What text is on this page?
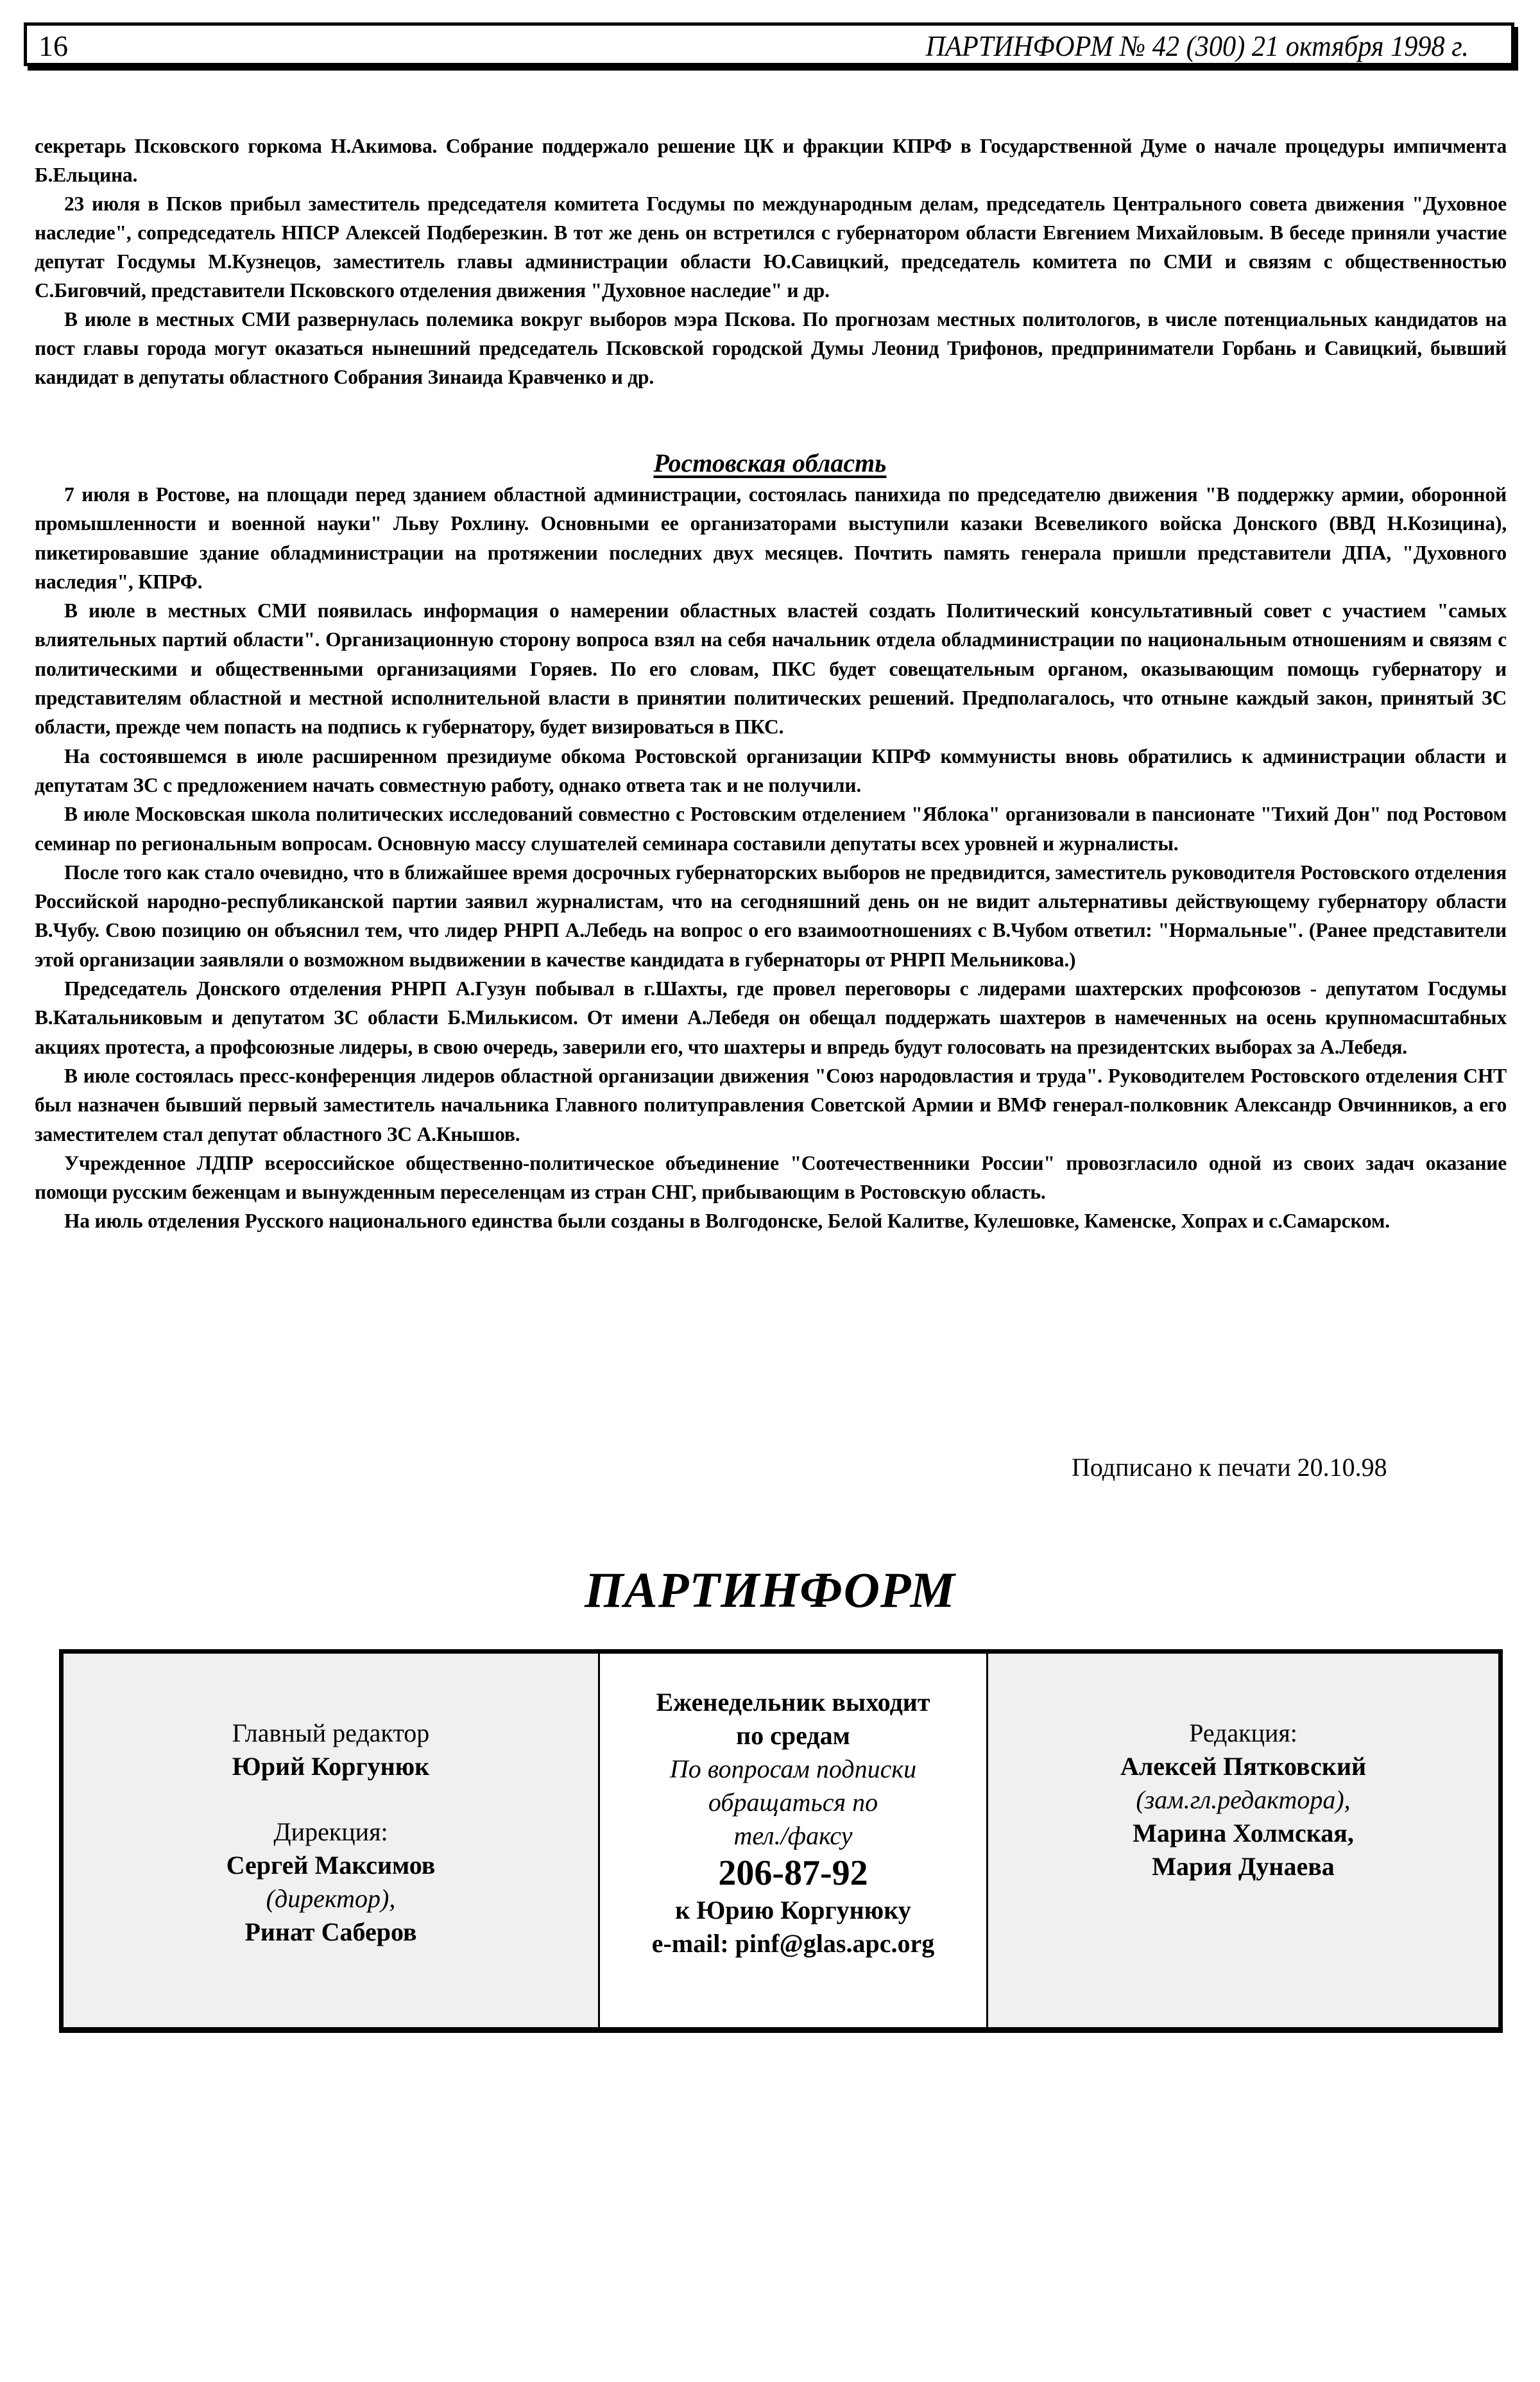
16	ПАРТИНФОРМ № 42 (300) 21 октября 1998 г.

секретарь Псковского горкома Н.Акимова. Собрание поддержало решение ЦК и фракции КПРФ в Государственной Думе о начале процедуры импичмента Б.Ельцина.

23 июля в Псков прибыл заместитель председателя комитета Госдумы по международным делам, председатель Центрального совета движения "Духовное наследие", сопредседатель НПСР Алексей Подберезкин. В тот же день он встретился с губернатором области Евгением Михайловым. В беседе приняли участие депутат Госдумы М.Кузнецов, заместитель главы администрации области Ю.Савицкий, председатель комитета по СМИ и связям с общественностью С.Биговчий, представители Псковского отделения движения "Духовное наследие" и др.

В июле в местных СМИ развернулась полемика вокруг выборов мэра Пскова. По прогнозам местных политологов, в числе потенциальных кандидатов на пост главы города могут оказаться нынешний председатель Псковской городской Думы Леонид Трифонов, предприниматели Горбань и Савицкий, бывший кандидат в депутаты областного Собрания Зинаида Кравченко и др.

Ростовская область

7 июля в Ростове, на площади перед зданием областной администрации, состоялась панихида по председателю движения "В поддержку армии, оборонной промышленности и военной науки" Льву Рохлину. Основными ее организаторами выступили казаки Всевеликого войска Донского (ВВД Н.Козицина), пикетировавшие здание обладминистрации на протяжении последних двух месяцев. Почтить память генерала пришли представители ДПА, "Духовного наследия", КПРФ.

В июле в местных СМИ появилась информация о намерении областных властей создать Политический консультативный совет с участием "самых влиятельных партий области". Организационную сторону вопроса взял на себя начальник отдела обладминистрации по национальным отношениям и связям с политическими и общественными организациями Горяев. По его словам, ПКС будет совещательным органом, оказывающим помощь губернатору и представителям областной и местной исполнительной власти в принятии политических решений. Предполагалось, что отныне каждый закон, принятый ЗС области, прежде чем попасть на подпись к губернатору, будет визироваться в ПКС.

На состоявшемся в июле расширенном президиуме обкома Ростовской организации КПРФ коммунисты вновь обратились к администрации области и депутатам ЗС с предложением начать совместную работу, однако ответа так и не получили.

В июле Московская школа политических исследований совместно с Ростовским отделением "Яблока" организовали в пансионате "Тихий Дон" под Ростовом семинар по региональным вопросам. Основную массу слушателей семинара составили депутаты всех уровней и журналисты.

После того как стало очевидно, что в ближайшее время досрочных губернаторских выборов не предвидится, заместитель руководителя Ростовского отделения Российской народно-республиканской партии заявил журналистам, что на сегодняшний день он не видит альтернативы действующему губернатору области В.Чубу. Свою позицию он объяснил тем, что лидер РНРП А.Лебедь на вопрос о его взаимоотношениях с В.Чубом ответил: "Нормальные". (Ранее представители этой организации заявляли о возможном выдвижении в качестве кандидата в губернаторы от РНРП Мельникова.)

Председатель Донского отделения РНРП А.Гузун побывал в г.Шахты, где провел переговоры с лидерами шахтерских профсоюзов - депутатом Госдумы В.Катальниковым и депутатом ЗС области Б.Милькисом. От имени А.Лебедя он обещал поддержать шахтеров в намеченных на осень крупномасштабных акциях протеста, а профсоюзные лидеры, в свою очередь, заверили его, что шахтеры и впредь будут голосовать на президентских выборах за А.Лебедя.

В июле состоялась пресс-конференция лидеров областной организации движения "Союз народовластия и труда". Руководителем Ростовского отделения СНТ был назначен бывший первый заместитель начальника Главного политуправления Советской Армии и ВМФ генерал-полковник Александр Овчинников, а его заместителем стал депутат областного ЗС А.Кнышов.

Учрежденное ЛДПР всероссийское общественно-политическое объединение "Соотечественники России" провозгласило одной из своих задач оказание помощи русским беженцам и вынужденным переселенцам из стран СНГ, прибывающим в Ростовскую область.

На июль отделения Русского национального единства были созданы в Волгодонске, Белой Калитве, Кулешовке, Каменске, Хопрах и с.Самарском.

Подписано к печати 20.10.98
ПАРТИНФОРМ
Главный редактор
Юрий Коргунюк
Дирекция:
Сергей Максимов
(директор),
Ринат Саберов
Еженедельник выходит
по средам
По вопросам подписки
обращаться по
тел./факсу
206-87-92
к Юрию Коргунюку
e-mail: pinf@glas.apc.org
Редакция:
Алексей Пятковский
(зам.гл.редактора),
Марина Холмская,
Мария Дунаева
